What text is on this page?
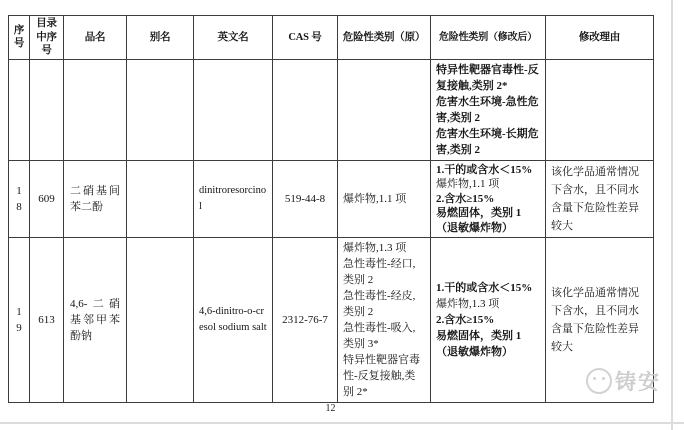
序号	目录中序号	品名	别名	英文名	CAS 号	危险性类别（原）	危险性类别（修改后）	修改理由

							特异性靶器官毒性-反复接触,类别 2*
危害水生环境-急性危害,类别 2
危害水生环境-长期危害,类别 2	

18	609	二硝基间苯二酚		dinitroresorcinol	519-44-8	爆炸物,1.1 项	1.干的或含水＜15%
爆炸物,1.1 项
2.含水≥15%
易燃固体，类别 1（退敏爆炸物）	该化学品通常情况下含水，且不同水含量下危险性差异较大
19	613	4,6-二硝基邻甲苯酚钠		4,6-dinitro-o-cresol sodium salt	2312-76-7	爆炸物,1.3 项
急性毒性-经口,类别 2
急性毒性-经皮,类别 2
急性毒性-吸入,类别 3*
特异性靶器官毒性-反复接触,类别 2*	1.干的或含水＜15%
爆炸物,1.3 项
2.含水≥15%
易燃固体，类别 1（退敏爆炸物）	该化学品通常情况下含水，且不同水含量下危险性差异较大
12
铸安
